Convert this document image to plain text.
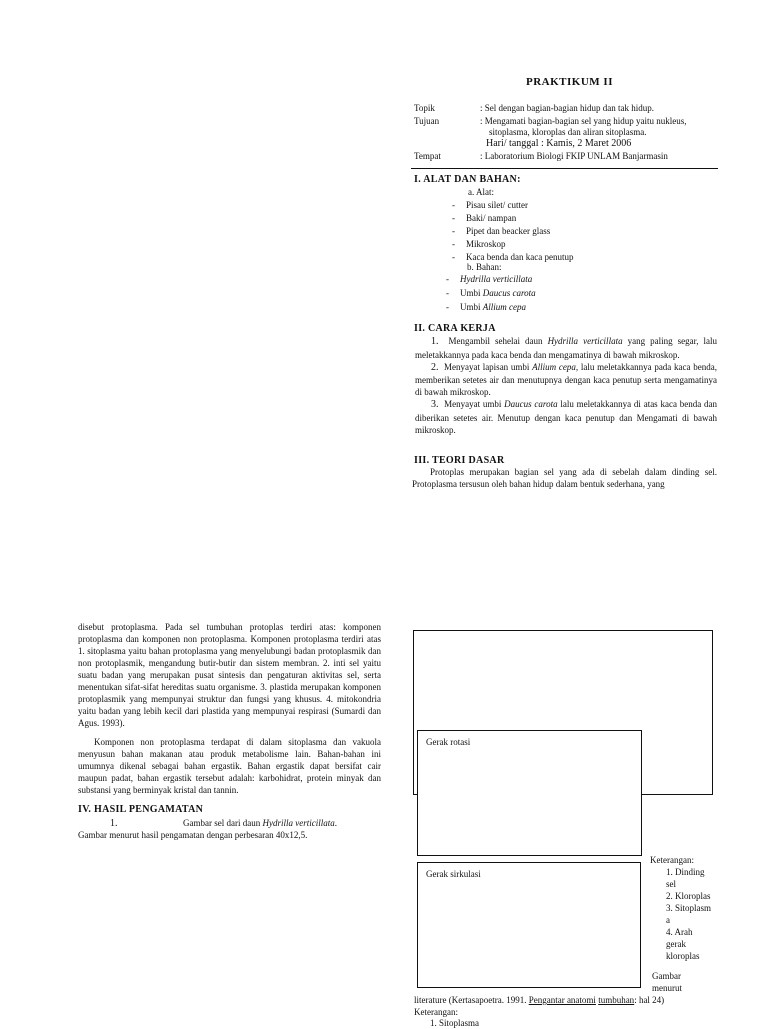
PRAKTIKUM II
Topik	: Sel dengan bagian-bagian hidup dan tak hidup.
Tujuan	: Mengamati bagian-bagian sel yang hidup yaitu nukleus,
sitoplasma, kloroplas dan aliran sitoplasma.
Hari/ tanggal : Kamis, 2 Maret 2006
Tempat	: Laboratorium Biologi FKIP UNLAM Banjarmasin
I. ALAT DAN BAHAN:
a. Alat:
- Pisau silet/ cutter
- Baki/ nampan
- Pipet dan beacker glass
- Mikroskop
- Kaca benda dan kaca penutup
b. Bahan:
- Hydrilla verticillata
- Umbi Daucus carota
- Umbi Allium cepa
II. CARA KERJA
1. Mengambil sehelai daun Hydrilla verticillata yang paling segar, lalu meletakkannya pada kaca benda dan mengamatinya di bawah mikroskop.
2. Menyayat lapisan umbi Allium cepa, lalu meletakkannya pada kaca benda, memberikan setetes air dan menutupnya dengan kaca penutup serta mengamatinya di bawah mikroskop.
3. Menyayat umbi Daucus carota lalu meletakkannya di atas kaca benda dan diberikan setetes air. Menutup dengan kaca penutup dan Mengamati di bawah mikroskop.
III. TEORI DASAR
Protoplas merupakan bagian sel yang ada di sebelah dalam dinding sel. Protoplasma tersusun oleh bahan hidup dalam bentuk sederhana, yang
disebut protoplasma. Pada sel tumbuhan protoplas terdiri atas: komponen protoplasma dan komponen non protoplasma. Komponen protoplasma terdiri atas 1. sitoplasma yaitu bahan protoplasma yang menyelubungi badan protoplasmik dan non protoplasmik, mengandung butir-butir dan sistem membran. 2. inti sel yaitu suatu badan yang merupakan pusat sintesis dan pengaturan aktivitas sel, serta menentukan sifat-sifat hereditas suatu organisme. 3. plastida merupakan komponen protoplasmik yang mempunyai struktur dan fungsi yang khusus. 4. mitokondria yaitu badan yang lebih kecil dari plastida yang mempunyai respirasi (Sumardi dan Agus. 1993).
Komponen non protoplasma terdapat di dalam sitoplasma dan vakuola menyusun bahan makanan atau produk metabolisme lain. Bahan-bahan ini umumnya dikenal sebagai bahan ergastik. Bahan ergastik dapat bersifat cair maupun padat, bahan ergastik tersebut adalah: karbohidrat, protein minyak dan substansi yang berminyak kristal dan tannin.
IV. HASIL PENGAMATAN
1.	Gambar sel dari daun Hydrilla verticillata.
Gambar menurut hasil pengamatan dengan perbesaran 40x12,5.
Gerak rotasi
Gerak sirkulasi
Keterangan:
1. Dinding
sel
2. Kloroplas
3. Sitoplasm
a
4. Arah
gerak
kloroplas
Gambar
menurut
literature (Kertasapoetra. 1991. Pengantar anatomi tumbuhan: hal 24)
Keterangan:
1. Sitoplasma
